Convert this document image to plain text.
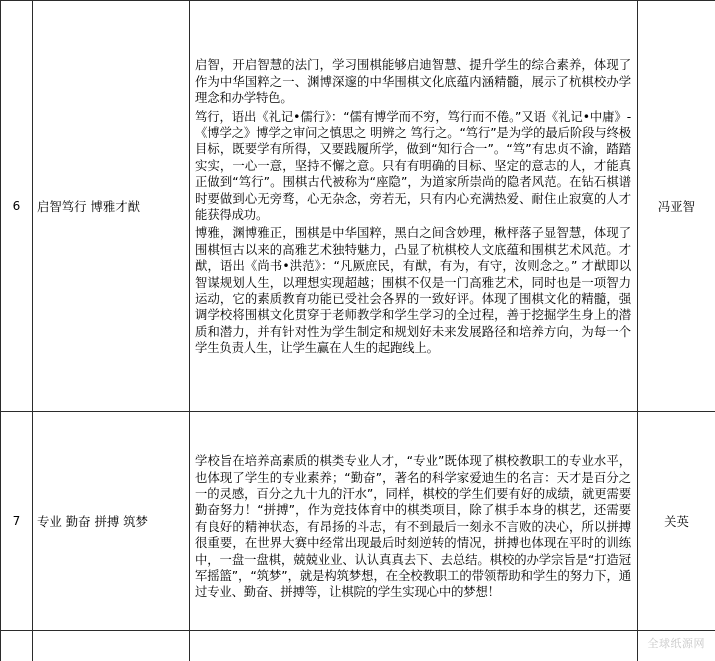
6	启智笃行 博雅才猷	启智，开启智慧的法门，学习围棋能够启迪智慧、提升学生的综合素养，体现了作为中华国粹之一、渊博深邃的中华围棋文化底蕴内涵精髓，展示了杭棋校办学理念和办学特色。
笃行，语出《礼记•儒行》：“儒有博学而不穷，笃行而不倦。”又语《礼记•中庸》-《博学之》博学之审问之慎思之 明辨之 笃行之。“笃行”是为学的最后阶段与终极目标，既要学有所得，又要践履所学，做到“知行合一”。“笃”有忠贞不渝，踏踏实实，一心一意，坚持不懈之意。只有有明确的目标、坚定的意志的人，才能真正做到“笃行”。围棋古代被称为“座隐”，为道家所崇尚的隐者风范。在钻石棋谱时要做到心无旁骛，心无杂念，旁若无，只有内心充满热爱、耐住止寂寞的人才能获得成功。
博雅，渊博雅正，围棋是中华国粹，黑白之间含妙理，楸枰落子显智慧，体现了围棋恒古以来的高雅艺术独特魅力，凸显了杭棋校人文底蕴和围棋艺术风范。才猷，语出《尚书•洪范》：“凡厥庶民，有猷，有为，有守，汝则念之。” 才猷即以智谋规划人生，以理想实现超越；围棋不仅是一门高雅艺术，同时也是一项智力运动，它的素质教育功能已受社会各界的一致好评。体现了围棋文化的精髓，强调学校将围棋文化贯穿于老师教学和学生学习的全过程，善于挖掘学生身上的潜质和潜力，并有针对性为学生制定和规划好未来发展路径和培养方向，为每一个学生负责人生，让学生赢在人生的起跑线上。	冯亚智
7	专业 勤奋 拼搏 筑梦	学校旨在培养高素质的棋类专业人才，“专业”既体现了棋校教职工的专业水平，也体现了学生的专业素养；“勤奋”，著名的科学家爱迪生的名言：天才是百分之一的灵感，百分之九十九的汗水”，同样，棋校的学生们要有好的成绩，就更需要勤奋努力！“拼搏”，作为竞技体育中的棋类项目，除了棋手本身的棋艺，还需要有良好的精神状态，有昂扬的斗志，有不到最后一刻永不言败的决心，所以拼搏很重要，在世界大赛中经常出现最后时刻逆转的情况，拼搏也体现在平时的训练中，一盘一盘棋，兢兢业业、认认真真去下、去总结。棋校的办学宗旨是“打造冠军摇篮”，“筑梦”，就是构筑梦想，在全校教职工的带领帮助和学生的努力下，通过专业、勤奋、拼搏等，让棋院的学生实现心中的梦想！	关英

全球纸源网
